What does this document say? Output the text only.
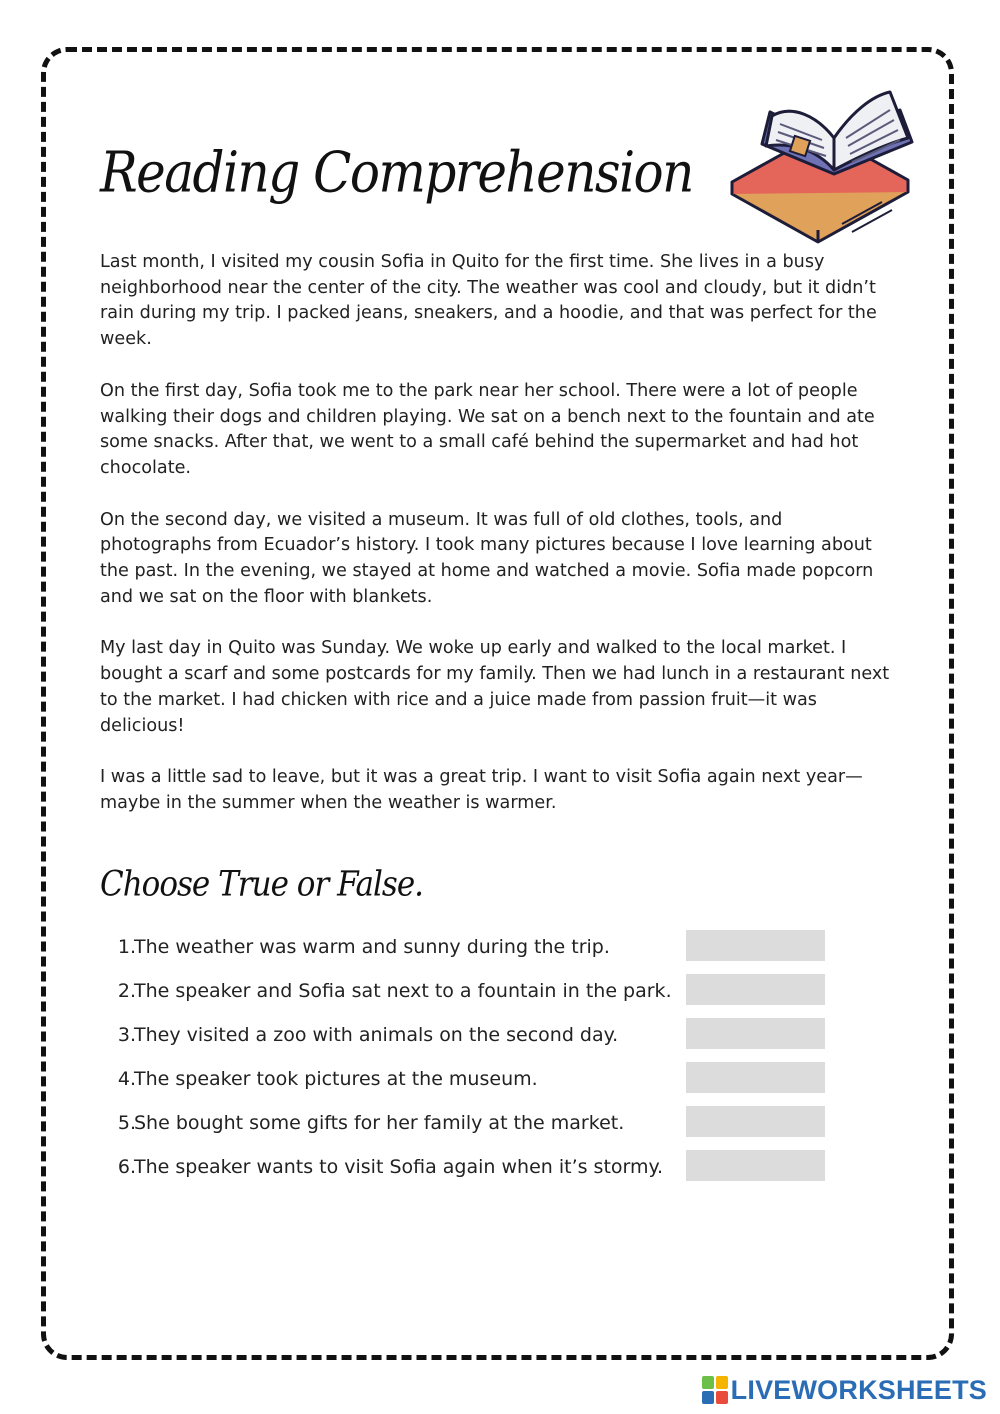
Reading Comprehension

Last month, I visited my cousin Sofia in Quito for the first time. She lives in a busy neighborhood near the center of the city. The weather was cool and cloudy, but it didn’t rain during my trip. I packed jeans, sneakers, and a hoodie, and that was perfect for the week.

On the first day, Sofia took me to the park near her school. There were a lot of people walking their dogs and children playing. We sat on a bench next to the fountain and ate some snacks. After that, we went to a small café behind the supermarket and had hot chocolate.

On the second day, we visited a museum. It was full of old clothes, tools, and photographs from Ecuador’s history. I took many pictures because I love learning about the past. In the evening, we stayed at home and watched a movie. Sofia made popcorn and we sat on the floor with blankets.

My last day in Quito was Sunday. We woke up early and walked to the local market. I bought a scarf and some postcards for my family. Then we had lunch in a restaurant next to the market. I had chicken with rice and a juice made from passion fruit—it was delicious!

I was a little sad to leave, but it was a great trip. I want to visit Sofia again next year—maybe in the summer when the weather is warmer.

Choose True or False.
1.
The weather was warm and sunny during the trip.
2.
The speaker and Sofia sat next to a fountain in the park.
3.
They visited a zoo with animals on the second day.
4.
The speaker took pictures at the museum.
5.
She bought some gifts for her family at the market.
6.
The speaker wants to visit Sofia again when it’s stormy.
LIVEWORKSHEETS
